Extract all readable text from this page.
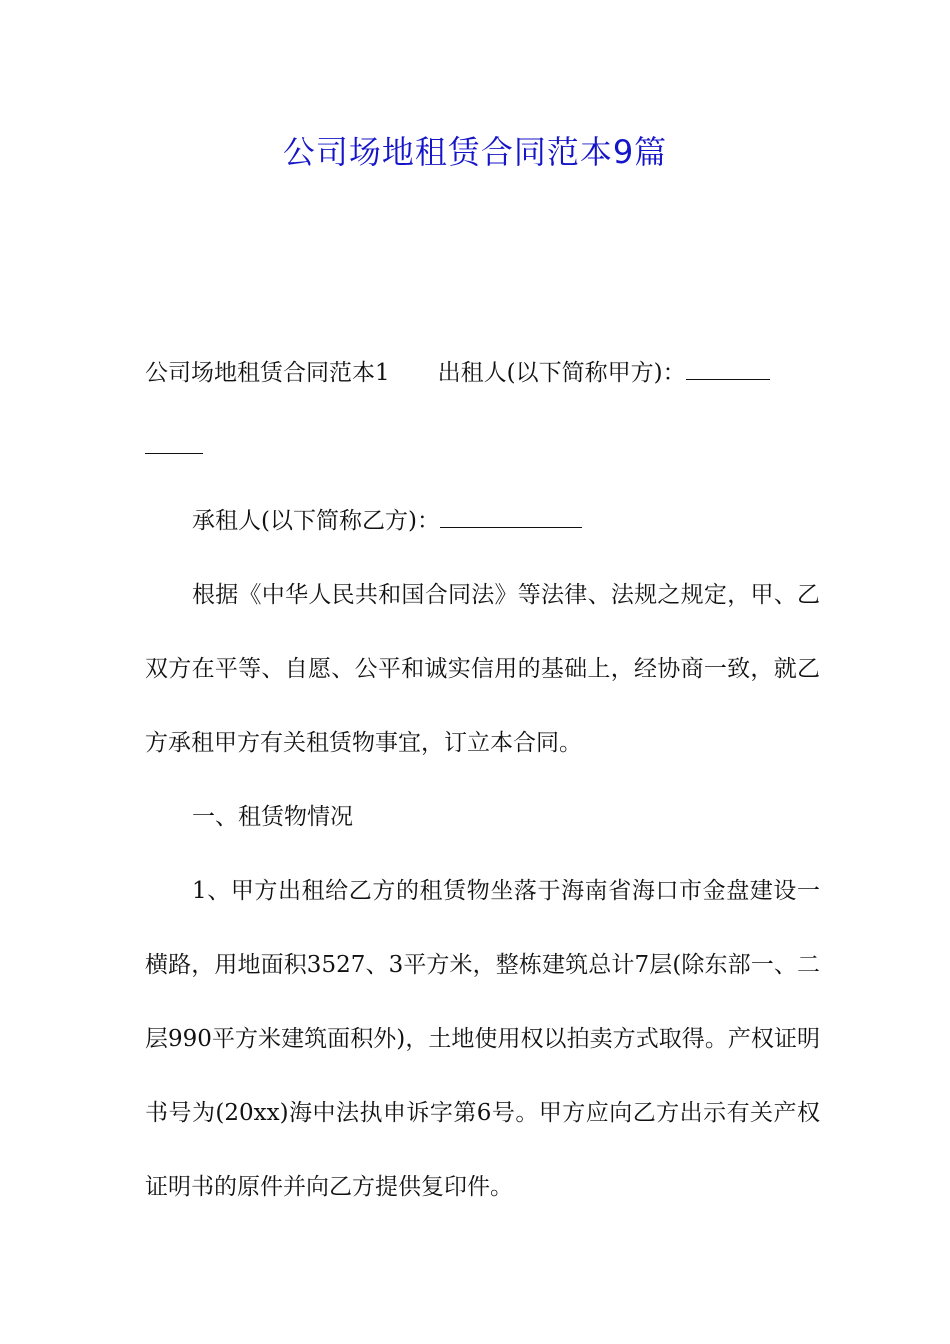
公司场地租赁合同范本9篇

公司场地租赁合同范本1 出租人(以下简称甲方)：

承租人(以下简称乙方)：

根据《中华人民共和国合同法》等法律、法规之规定，甲、乙双方在平等、自愿、公平和诚实信用的基础上，经协商一致，就乙方承租甲方有关租赁物事宜，订立本合同。

一、租赁物情况

1、甲方出租给乙方的租赁物坐落于海南省海口市金盘建设一横路，用地面积3527、3平方米，整栋建筑总计7层(除东部一、二层990平方米建筑面积外)，土地使用权以拍卖方式取得。产权证明书号为(20xx)海中法执申诉字第6号。甲方应向乙方出示有关产权证明书的原件并向乙方提供复印件。
